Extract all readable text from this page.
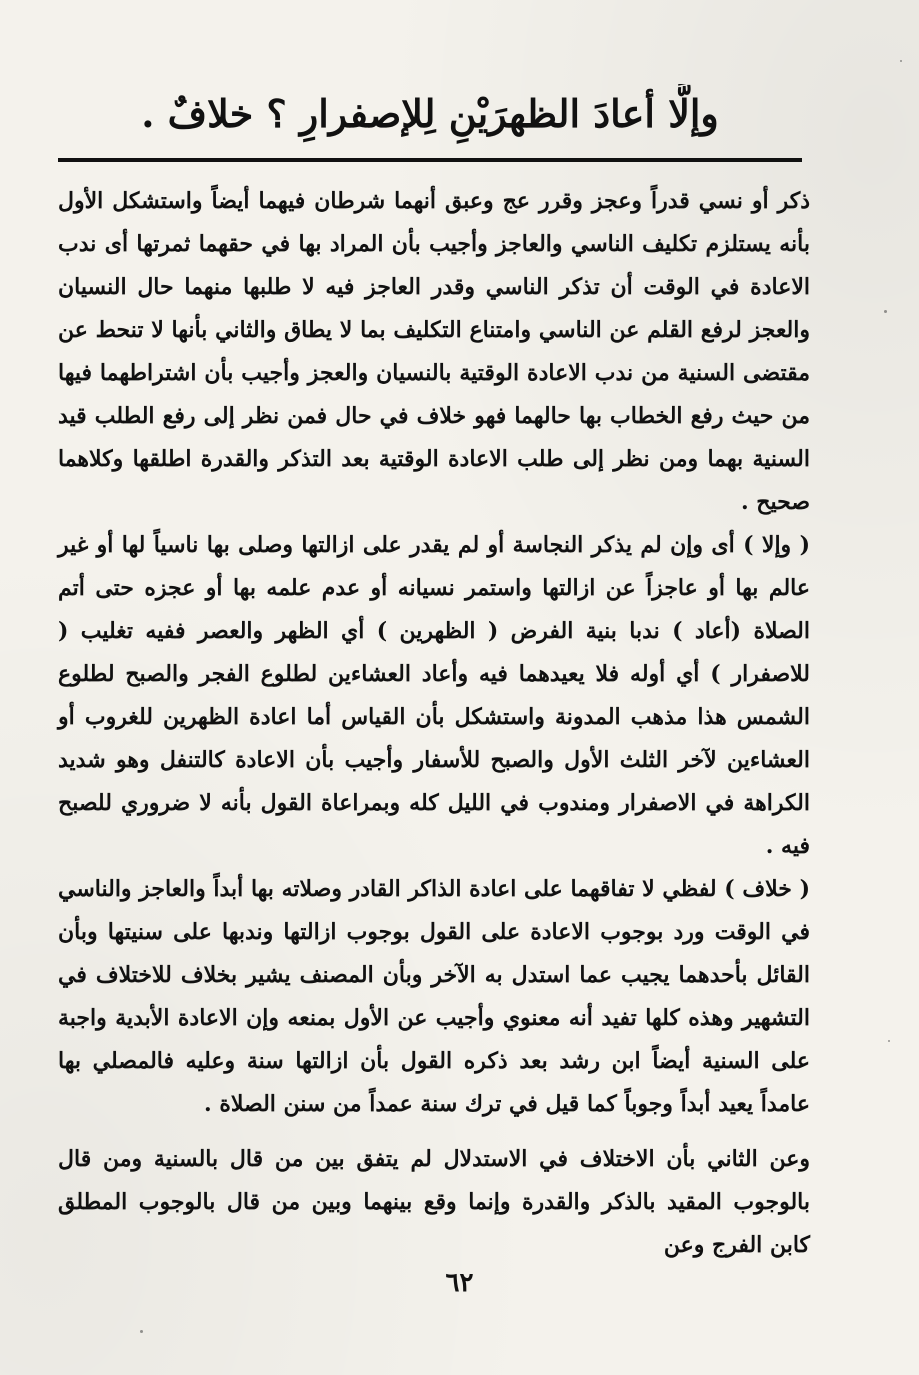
وإلَّا أعادَ الظهرَيْنِ لِلإصفرارِ ؟ خلافٌ .

ذكر أو نسي قدراً وعجز وقرر عج وعبق أنهما شرطان فيهما أيضاً واستشكل الأول بأنه يستلزم تكليف الناسي والعاجز وأجيب بأن المراد بها في حقهما ثمرتها أى ندب الاعادة في الوقت أن تذكر الناسي وقدر العاجز فيه لا طلبها منهما حال النسيان والعجز لرفع القلم عن الناسي وامتناع التكليف بما لا يطاق والثاني بأنها لا تنحط عن مقتضى السنية من ندب الاعادة الوقتية بالنسيان والعجز وأجيب بأن اشتراطهما فيها من حيث رفع الخطاب بها حالهما فهو خلاف في حال فمن نظر إلى رفع الطلب قيد السنية بهما ومن نظر إلى طلب الاعادة الوقتية بعد التذكر والقدرة اطلقها وكلاهما صحيح .

( وإلا ) أى وإن لم يذكر النجاسة أو لم يقدر على ازالتها وصلى بها ناسياً لها أو غير عالم بها أو عاجزاً عن ازالتها واستمر نسيانه أو عدم علمه بها أو عجزه حتى أتم الصلاة (أعاد ) ندبا بنية الفرض ( الظهرين ) أي الظهر والعصر ففيه تغليب ( للاصفرار ) أي أوله فلا يعيدهما فيه وأعاد العشاءين لطلوع الفجر والصبح لطلوع الشمس هذا مذهب المدونة واستشكل بأن القياس أما اعادة الظهرين للغروب أو العشاءين لآخر الثلث الأول والصبح للأسفار وأجيب بأن الاعادة كالتنفل وهو شديد الكراهة في الاصفرار ومندوب في الليل كله وبمراعاة القول بأنه لا ضروري للصبح فيه .

( خلاف ) لفظي لا تفاقهما على اعادة الذاكر القادر وصلاته بها أبداً والعاجز والناسي في الوقت ورد بوجوب الاعادة على القول بوجوب ازالتها وندبها على سنيتها وبأن القائل بأحدهما يجيب عما استدل به الآخر وبأن المصنف يشير بخلاف للاختلاف في التشهير وهذه كلها تفيد أنه معنوي وأجيب عن الأول بمنعه وإن الاعادة الأبدية واجبة على السنية أيضاً ابن رشد بعد ذكره القول بأن ازالتها سنة وعليه فالمصلي بها عامداً يعيد أبداً وجوباً كما قيل في ترك سنة عمداً من سنن الصلاة .

وعن الثاني بأن الاختلاف في الاستدلال لم يتفق بين من قال بالسنية ومن قال بالوجوب المقيد بالذكر والقدرة وإنما وقع بينهما وبين من قال بالوجوب المطلق كابن الفرج وعن

٦٢
